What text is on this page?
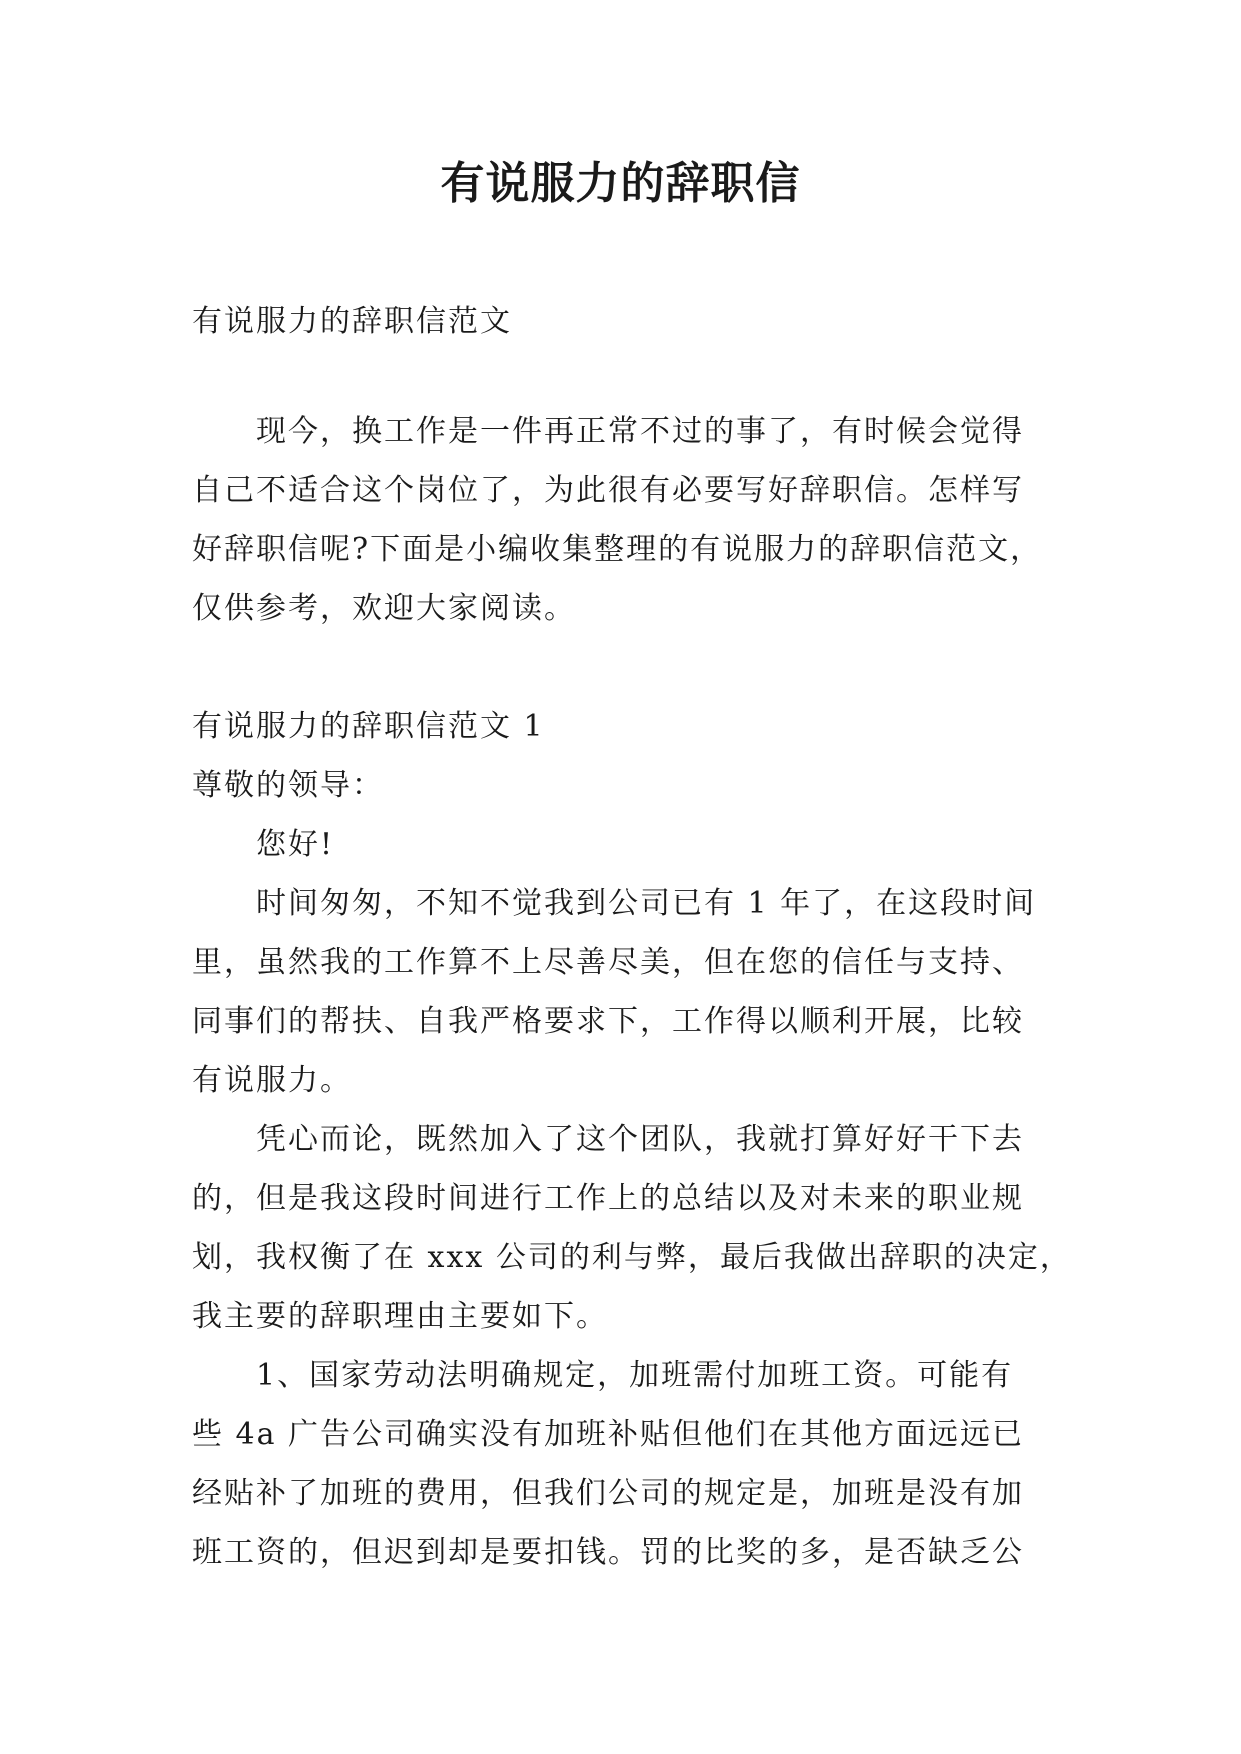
有说服力的辞职信

有说服力的辞职信范文

现今，换工作是一件再正常不过的事了，有时候会觉得

自己不适合这个岗位了，为此很有必要写好辞职信。怎样写

好辞职信呢?下面是小编收集整理的有说服力的辞职信范文，

仅供参考，欢迎大家阅读。

有说服力的辞职信范文 1

尊敬的领导：

您好!

时间匆匆，不知不觉我到公司已有 1 年了，在这段时间

里，虽然我的工作算不上尽善尽美，但在您的信任与支持、

同事们的帮扶、自我严格要求下，工作得以顺利开展，比较

有说服力。

凭心而论，既然加入了这个团队，我就打算好好干下去

的，但是我这段时间进行工作上的总结以及对未来的职业规

划，我权衡了在 xxx 公司的利与弊，最后我做出辞职的决定，

我主要的辞职理由主要如下。

1、国家劳动法明确规定，加班需付加班工资。可能有

些 4a 广告公司确实没有加班补贴但他们在其他方面远远已

经贴补了加班的费用，但我们公司的规定是，加班是没有加

班工资的，但迟到却是要扣钱。罚的比奖的多，是否缺乏公
